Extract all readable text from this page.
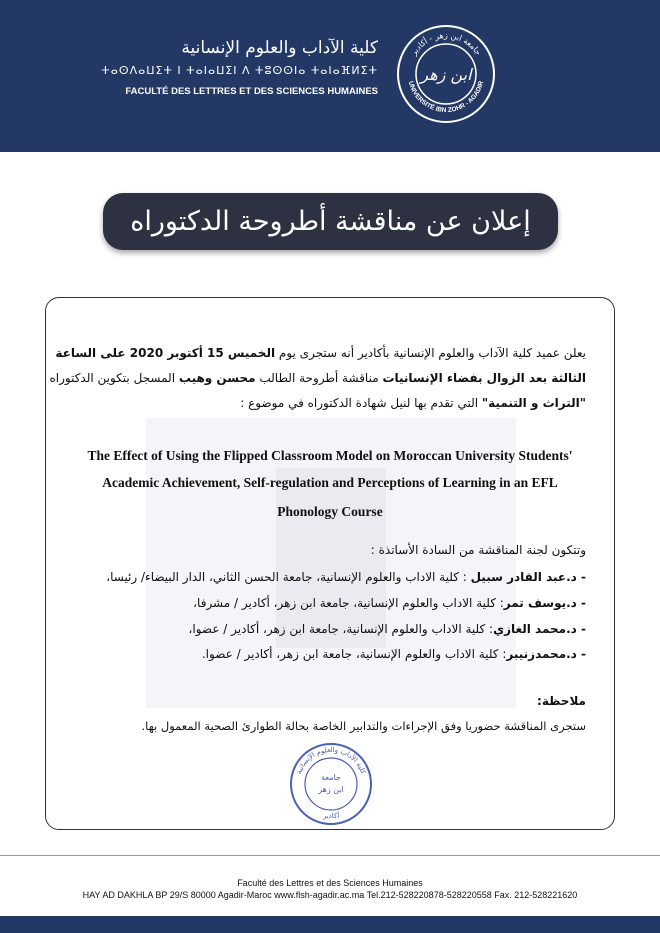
كلية الآداب والعلوم الإنسانية
ⵜⴰⵙⴷⴰⵡⵉⵜ ⵏ ⵜⴰⵏⴰⵡⵉⵏ ⴷ ⵜⵓⵙⵙⵏⴰ ⵜⴰⵏⴰⴼⵍⵉⵜ
FACULTÉ DES LETTRES ET DES SCIENCES HUMAINES
جامعة ابن زهر - أكادير
UNIVERSITÉ IBN ZOHR - AGADIR
ابن زهر
إعلان عن مناقشة أطروحة الدكتوراه
يعلن عميد كلية الآداب والعلوم الإنسانية بأكادير أنه ستجرى يوم الخميس 15 أكتوبر 2020 على الساعة
الثالثة بعد الزوال بفضاء الإنسانيات مناقشة أطروحة الطالب محسن وهيب المسجل بتكوين الدكتوراه
"التراث و التنمية" التي تقدم بها لنيل شهادة الدكتوراه في موضوع :
The Effect of Using the Flipped Classroom Model on Moroccan University Students'
Academic Achievement, Self-regulation and Perceptions of Learning in an EFL
Phonology Course
وتتكون لجنة المناقشة من السادة الأساتذة :
- د.عبد القادر سبيل : كلية الاداب والعلوم الإنسانية، جامعة الحسن الثاني، الدار البيضاء/ رئيسا،
- د.يوسف تمر: كلية الاداب والعلوم الإنسانية، جامعة ابن زهر، أكادير / مشرفا،
- د.محمد الغازي: كلية الاداب والعلوم الإنسانية، جامعة ابن زهر، أكادير / عضوا،
- د.محمدزنيبر: كلية الاداب والعلوم الإنسانية، جامعة ابن زهر، أكادير / عضوا.
ملاحظة:
ستجرى المناقشة حضوريا وفق الإجراءات والتدابير الخاصة بحالة الطوارئ الصحية المعمول بها.
كلية الآداب والعلوم الإنسانية
جامعة
ابن زهر
أكادير
Faculté des Lettres et des Sciences Humaines
HAY AD DAKHLA BP 29/S 80000 Agadir-Maroc www.flsh-agadir.ac.ma Tel.212-528220878-528220558 Fax. 212-528221620
